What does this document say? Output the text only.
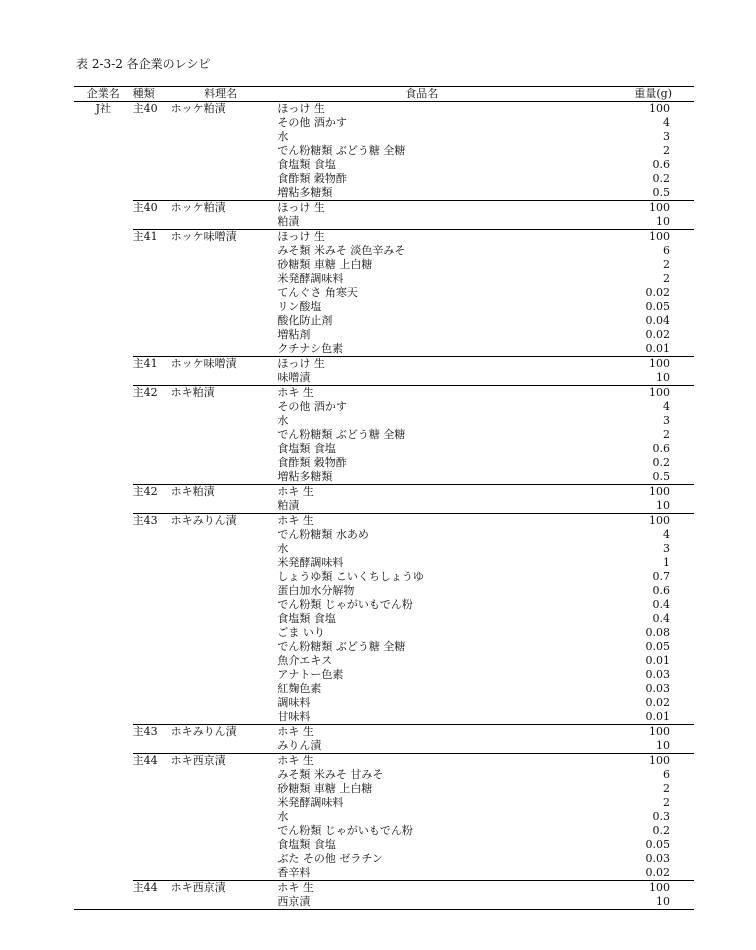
表 2-3-2 各企業のレシピ
企業名	種類 料理名	食品名	重量(g)
J社	主40 ホッケ粕漬	ほっけ 生	100
		その他 酒かす	4
		水	3
		でん粉糖類 ぶどう糖 全糖	2
		食塩類 食塩	0.6
		食酢類 穀物酢	0.2
		増粘多糖類	0.5
	主40 ホッケ粕漬	ほっけ 生	100
		粕漬	10
	主41 ホッケ味噌漬	ほっけ 生	100
		みそ類 米みそ 淡色辛みそ	6
		砂糖類 車糖 上白糖	2
		米発酵調味料	2
		てんぐさ 角寒天	0.02
		リン酸塩	0.05
		酸化防止剤	0.04
		増粘剤	0.02
		クチナシ色素	0.01
	主41 ホッケ味噌漬	ほっけ 生	100
		味噌漬	10
	主42 ホキ粕漬	ホキ 生	100
		その他 酒かす	4
		水	3
		でん粉糖類 ぶどう糖 全糖	2
		食塩類 食塩	0.6
		食酢類 穀物酢	0.2
		増粘多糖類	0.5
	主42 ホキ粕漬	ホキ 生	100
		粕漬	10
	主43 ホキみりん漬	ホキ 生	100
		でん粉糖類 水あめ	4
		水	3
		米発酵調味料	1
		しょうゆ類 こいくちしょうゆ	0.7
		蛋白加水分解物	0.6
		でん粉類 じゃがいもでん粉	0.4
		食塩類 食塩	0.4
		ごま いり	0.08
		でん粉糖類 ぶどう糖 全糖	0.05
		魚介エキス	0.01
		アナトー色素	0.03
		紅麹色素	0.03
		調味料	0.02
		甘味料	0.01
	主43 ホキみりん漬	ホキ 生	100
		みりん漬	10
	主44 ホキ西京漬	ホキ 生	100
		みそ類 米みそ 甘みそ	6
		砂糖類 車糖 上白糖	2
		米発酵調味料	2
		水	0.3
		でん粉類 じゃがいもでん粉	0.2
		食塩類 食塩	0.05
		ぶた その他 ゼラチン	0.03
		香辛料	0.02
	主44 ホキ西京漬	ホキ 生	100
		西京漬	10
